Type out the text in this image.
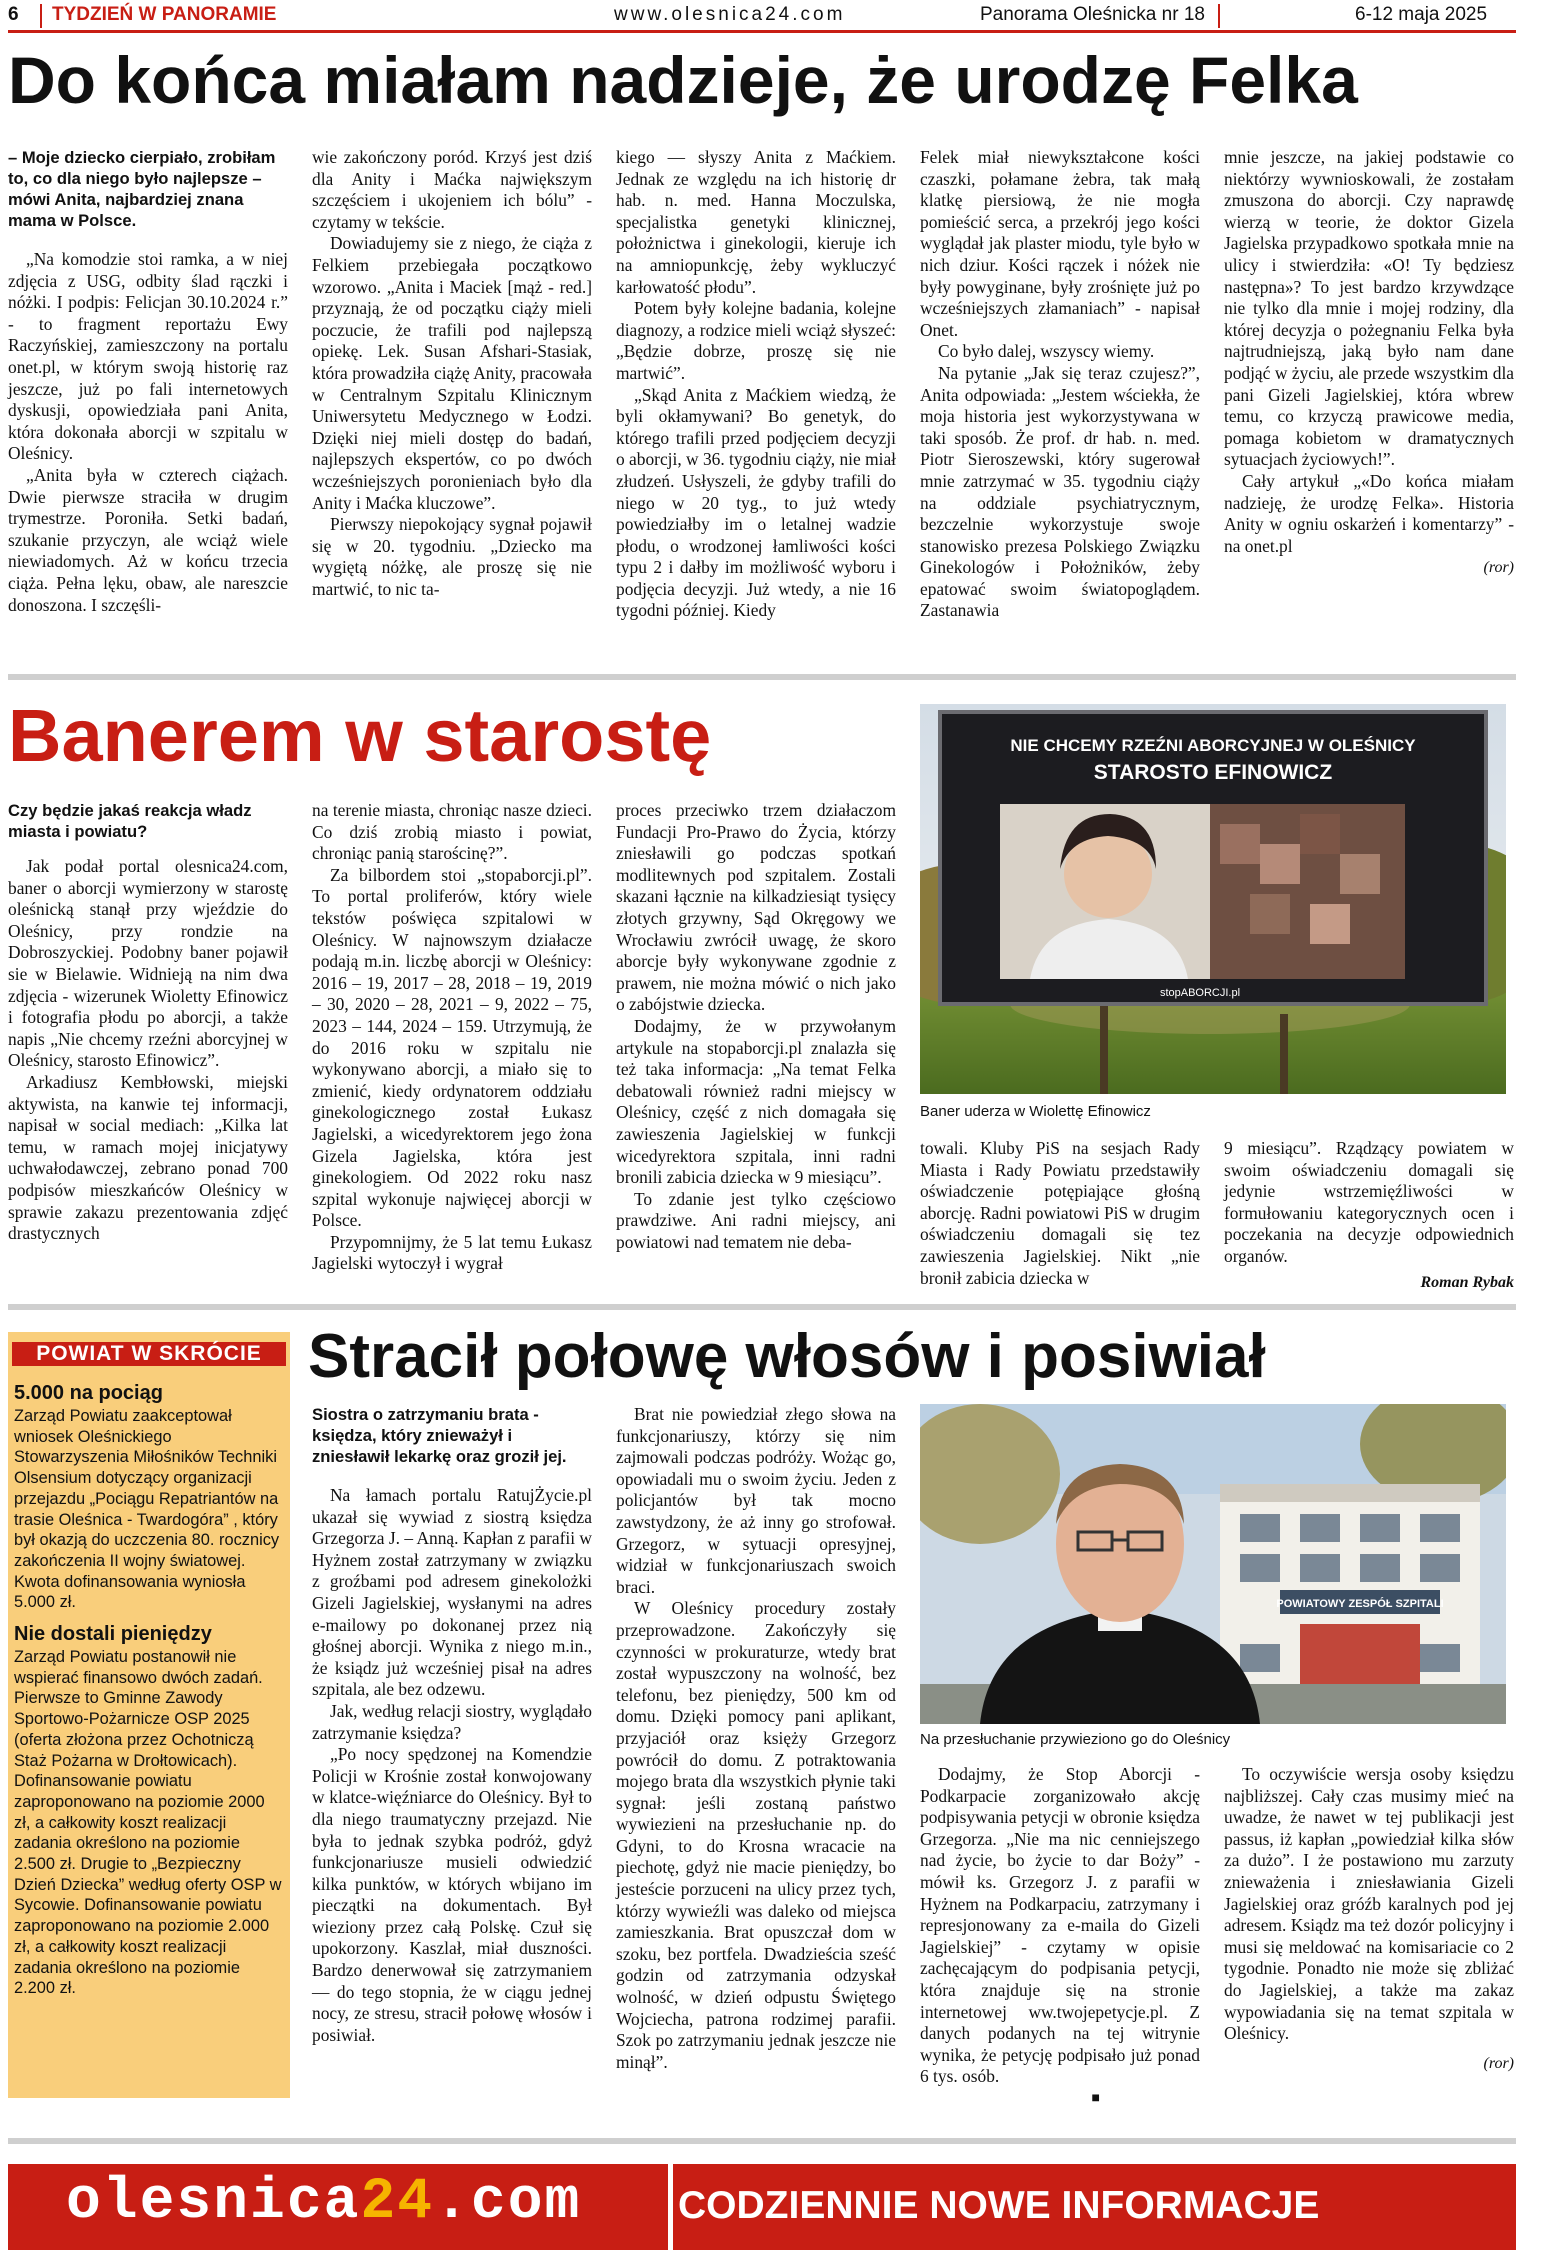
6 TYDZIEŃ W PANORAMIE	www.olesnica24.com	Panorama Oleśnicka nr 18	6-12 maja 2025
Do końca miałam nadzieje, że urodzę Felka

– Moje dziecko cierpiało, zrobiłam to, co dla niego było najlepsze – mówi Anita, najbardziej znana mama w Polsce.

„Na komodzie stoi ramka, a w niej zdjęcia z USG, odbity ślad rączki i nóżki. I podpis: Felicjan 30.10.2024 r.” - to fragment reportażu Ewy Raczyńskiej, zamieszczony na portalu onet.pl, w którym swoją historię raz jeszcze, już po fali internetowych dyskusji, opowiedziała pani Anita, która dokonała aborcji w szpitalu w Oleśnicy.

„Anita była w czterech ciążach. Dwie pierwsze straciła w drugim trymestrze. Poroniła. Setki badań, szukanie przyczyn, ale wciąż wiele niewiadomych. Aż w końcu trzecia ciąża. Pełna lęku, obaw, ale nareszcie donoszona. I szczęśli-

wie zakończony poród. Krzyś jest dziś dla Anity i Maćka największym szczęściem i ukojeniem ich bólu” - czytamy w tekście.

Dowiadujemy sie z niego, że ciąża z Felkiem przebiegała początkowo wzorowo. „Anita i Maciek [mąż - red.] przyznają, że od początku ciąży mieli poczucie, że trafili pod najlepszą opiekę. Lek. Susan Afshari-Stasiak, która prowadziła ciążę Anity, pracowała w Centralnym Szpitalu Klinicznym Uniwersytetu Medycznego w Łodzi. Dzięki niej mieli dostęp do badań, najlepszych ekspertów, co po dwóch wcześniejszych poronieniach było dla Anity i Maćka kluczowe”.

Pierwszy niepokojący sygnał pojawił się w 20. tygodniu. „Dziecko ma wygiętą nóżkę, ale proszę się nie martwić, to nic ta-

kiego — słyszy Anita z Maćkiem. Jednak ze względu na ich historię dr hab. n. med. Hanna Moczulska, specjalistka genetyki klinicznej, położnictwa i ginekologii, kieruje ich na amniopunkcję, żeby wykluczyć karłowatość płodu”.

Potem były kolejne badania, kolejne diagnozy, a rodzice mieli wciąż słyszeć: „Będzie dobrze, proszę się nie martwić”.

„Skąd Anita z Maćkiem wiedzą, że byli okłamywani? Bo genetyk, do którego trafili przed podjęciem decyzji o aborcji, w 36. tygodniu ciąży, nie miał złudzeń. Usłyszeli, że gdyby trafili do niego w 20 tyg., to już wtedy powiedziałby im o letalnej wadzie płodu, o wrodzonej łamliwości kości typu 2 i dałby im możliwość wyboru i podjęcia decyzji. Już wtedy, a nie 16 tygodni później. Kiedy

Felek miał niewykształcone kości czaszki, połamane żebra, tak małą klatkę piersiową, że nie mogła pomieścić serca, a przekrój jego kości wyglądał jak plaster miodu, tyle było w nich dziur. Kości rączek i nóżek nie były powyginane, były zrośnięte już po wcześniejszych złamaniach” - napisał Onet.

Co było dalej, wszyscy wiemy.

Na pytanie „Jak się teraz czujesz?”, Anita odpowiada: „Jestem wściekła, że moja historia jest wykorzystywana w taki sposób. Że prof. dr hab. n. med. Piotr Sieroszewski, który sugerował mnie zatrzymać w 35. tygodniu ciąży na oddziale psychiatrycznym, bezczelnie wykorzystuje swoje stanowisko prezesa Polskiego Związku Ginekologów i Położników, żeby epatować swoim światopoglądem. Zastanawia

mnie jeszcze, na jakiej podstawie co niektórzy wywnioskowali, że zostałam zmuszona do aborcji. Czy naprawdę wierzą w teorie, że doktor Gizela Jagielska przypadkowo spotkała mnie na ulicy i stwierdziła: «O! Ty będziesz następna»? To jest bardzo krzywdzące nie tylko dla mnie i mojej rodziny, dla której decyzja o pożegnaniu Felka była najtrudniejszą, jaką było nam dane podjąć w życiu, ale przede wszystkim dla pani Gizeli Jagielskiej, która wbrew temu, co krzyczą prawicowe media, pomaga kobietom w dramatycznych sytuacjach życiowych!”.

Cały artykuł „«Do końca miałam nadzieję, że urodzę Felka». Historia Anity w ogniu oskarżeń i komentarzy” - na onet.pl

(ror)
Banerem w starostę

Czy będzie jakaś reakcja władz miasta i powiatu?

Jak podał portal olesnica24.com, baner o aborcji wymierzony w starostę oleśnicką stanął przy wjeździe do Oleśnicy, przy rondzie na Dobroszyckiej. Podobny baner pojawił sie w Bielawie. Widnieją na nim dwa zdjęcia - wizerunek Wioletty Efinowicz i fotografia płodu po aborcji, a także napis „Nie chcemy rzeźni aborcyjnej w Oleśnicy, starosto Efinowicz”.

Arkadiusz Kembłowski, miejski aktywista, na kanwie tej informacji, napisał w social mediach: „Kilka lat temu, w ramach mojej inicjatywy uchwałodawczej, zebrano ponad 700 podpisów mieszkańców Oleśnicy w sprawie zakazu prezentowania zdjęć drastycznych

na terenie miasta, chroniąc nasze dzieci. Co dziś zrobią miasto i powiat, chroniąc panią starościnę?”.

Za bilbordem stoi „stopaborcji.pl”. To portal proliferów, który wiele tekstów poświęca szpitalowi w Oleśnicy. W najnowszym działacze podają m.in. liczbę aborcji w Oleśnicy: 2016 – 19, 2017 – 28, 2018 – 19, 2019 – 30, 2020 – 28, 2021 – 9, 2022 – 75, 2023 – 144, 2024 – 159. Utrzymują, że do 2016 roku w szpitalu nie wykonywano aborcji, a miało się to zmienić, kiedy ordynatorem oddziału ginekologicznego został Łukasz Jagielski, a wicedyrektorem jego żona Gizela Jagielska, która jest ginekologiem. Od 2022 roku nasz szpital wykonuje najwięcej aborcji w Polsce.

Przypomnijmy, że 5 lat temu Łukasz Jagielski wytoczył i wygrał

proces przeciwko trzem działaczom Fundacji Pro-Prawo do Życia, którzy zniesławili go podczas spotkań modlitewnych pod szpitalem. Zostali skazani łącznie na kilkadziesiąt tysięcy złotych grzywny, Sąd Okręgowy we Wrocławiu zwrócił uwagę, że skoro aborcje były wykonywane zgodnie z prawem, nie można mówić o nich jako o zabójstwie dziecka.

Dodajmy, że w przywołanym artykule na stopaborcji.pl znalazła się też taka informacja: „Na temat Felka debatowali również radni miejscy w Oleśnicy, część z nich domagała się zawieszenia Jagielskiej w funkcji wicedyrektora szpitala, inni radni bronili zabicia dziecka w 9 miesiącu”.

To zdanie jest tylko częściowo prawdziwe. Ani radni miejscy, ani powiatowi nad tematem nie deba-

NIE CHCEMY RZEŹNI ABORCYJNEJ W OLEŚNICY
STAROSTO EFINOWICZ
stopABORCJI.pl
Baner uderza w Wiolettę Efinowicz

towali. Kluby PiS na sesjach Rady Miasta i Rady Powiatu przedstawiły oświadczenie potępiające głośną aborcję. Radni powiatowi PiS w drugim oświadczeniu domagali się tez zawieszenia Jagielskiej. Nikt „nie bronił zabicia dziecka w

9 miesiącu”. Rządzący powiatem w swoim oświadczeniu domagali się jedynie wstrzemięźliwości w formułowaniu kategorycznych ocen i poczekania na decyzje odpowiednich organów.

Roman Rybak
POWIAT W SKRÓCIE
5.000 na pociąg

Zarząd Powiatu zaakceptował wniosek Oleśnickiego Stowarzyszenia Miłośników Techniki Olsensium dotyczący organizacji przejazdu „Pociągu Repatriantów na trasie Oleśnica - Twardogóra” , który był okazją do uczczenia 80. rocznicy zakończenia II wojny światowej. Kwota dofinansowania wyniosła 5.000 zł.

Nie dostali pieniędzy

Zarząd Powiatu postanowił nie wspierać finansowo dwóch zadań. Pierwsze to Gminne Zawody Sportowo-Pożarnicze OSP 2025 (oferta złożona przez Ochotniczą Staż Pożarna w Drołtowicach). Dofinansowanie powiatu zaproponowano na poziomie 2000 zł, a całkowity koszt realizacji zadania określono na poziomie 2.500 zł. Drugie to „Bezpieczny Dzień Dziecka” według oferty OSP w Sycowie. Dofinansowanie powiatu zaproponowano na poziomie 2.000 zł, a całkowity koszt realizacji zadania określono na poziomie 2.200 zł.

Stracił połowę włosów i posiwiał

Siostra o zatrzymaniu brata - księdza, który znieważył i zniesławił lekarkę oraz groził jej.

Na łamach portalu RatujŻycie.pl ukazał się wywiad z siostrą księdza Grzegorza J. – Anną. Kapłan z parafii w Hyżnem został zatrzymany w związku z groźbami pod adresem ginekolożki Gizeli Jagielskiej, wysłanymi na adres e-mailowy po dokonanej przez nią głośnej aborcji. Wynika z niego m.in., że ksiądz już wcześniej pisał na adres szpitala, ale bez odzewu.

Jak, według relacji siostry, wyglądało zatrzymanie księdza?

„Po nocy spędzonej na Komendzie Policji w Krośnie został konwojowany w klatce-więźniarce do Oleśnicy. Był to dla niego traumatyczny przejazd. Nie była to jednak szybka podróż, gdyż funkcjonariusze musieli odwiedzić kilka punktów, w których wbijano im pieczątki na dokumentach. Był wieziony przez całą Polskę. Czuł się upokorzony. Kaszlał, miał duszności. Bardzo denerwował się zatrzymaniem — do tego stopnia, że w ciągu jednej nocy, ze stresu, stracił połowę włosów i posiwiał.

Brat nie powiedział złego słowa na funkcjonariuszy, którzy się nim zajmowali podczas podróży. Wożąc go, opowiadali mu o swoim życiu. Jeden z policjantów był tak mocno zawstydzony, że aż inny go strofował. Grzegorz, w sytuacji opresyjnej, widział w funkcjonariuszach swoich braci.

W Oleśnicy procedury zostały przeprowadzone. Zakończyły się czynności w prokuraturze, wtedy brat został wypuszczony na wolność, bez telefonu, bez pieniędzy, 500 km od domu. Dzięki pomocy pani aplikant, przyjaciół oraz księży Grzegorz powrócił do domu. Z potraktowania mojego brata dla wszystkich płynie taki sygnał: jeśli zostaną państwo wywiezieni na przesłuchanie np. do Gdyni, to do Krosna wracacie na piechotę, gdyż nie macie pieniędzy, bo jesteście porzuceni na ulicy przez tych, którzy wywieźli was daleko od miejsca zamieszkania. Brat opuszczał dom w szoku, bez portfela. Dwadzieścia sześć godzin od zatrzymania odzyskał wolność, w dzień odpustu Świętego Wojciecha, patrona rodzimej parafii. Szok po zatrzymaniu jednak jeszcze nie minął”.

POWIATOWY ZESPÓŁ SZPITALI
Na przesłuchanie przywieziono go do Oleśnicy

Dodajmy, że Stop Aborcji - Podkarpacie zorganizowało akcję podpisywania petycji w obronie księdza Grzegorza. „Nie ma nic cenniejszego nad życie, bo życie to dar Boży” - mówił ks. Grzegorz J. z parafii w Hyżnem na Podkarpaciu, zatrzymany i represjonowany za e-maila do Gizeli Jagielskiej” - czytamy w opisie zachęcającym do podpisania petycji, która znajduje się na stronie internetowej ww.twojepetycje.pl. Z danych podanych na tej witrynie wynika, że petycję podpisało już ponad 6 tys. osób.

■

To oczywiście wersja osoby księdzu najbliższej. Cały czas musimy mieć na uwadze, że nawet w tej publikacji jest passus, iż kapłan „powiedział kilka słów za dużo”. I że postawiono mu zarzuty znieważenia i zniesławiania Gizeli Jagielskiej oraz gróźb karalnych pod jej adresem. Ksiądz ma też dozór policyjny i musi się meldować na komisariacie co 2 tygodnie. Ponadto nie może się zbliżać do Jagielskiej, a także ma zakaz wypowiadania się na temat szpitala w Oleśnicy.

(ror)
olesnica24.com CODZIENNIE NOWE INFORMACJE
